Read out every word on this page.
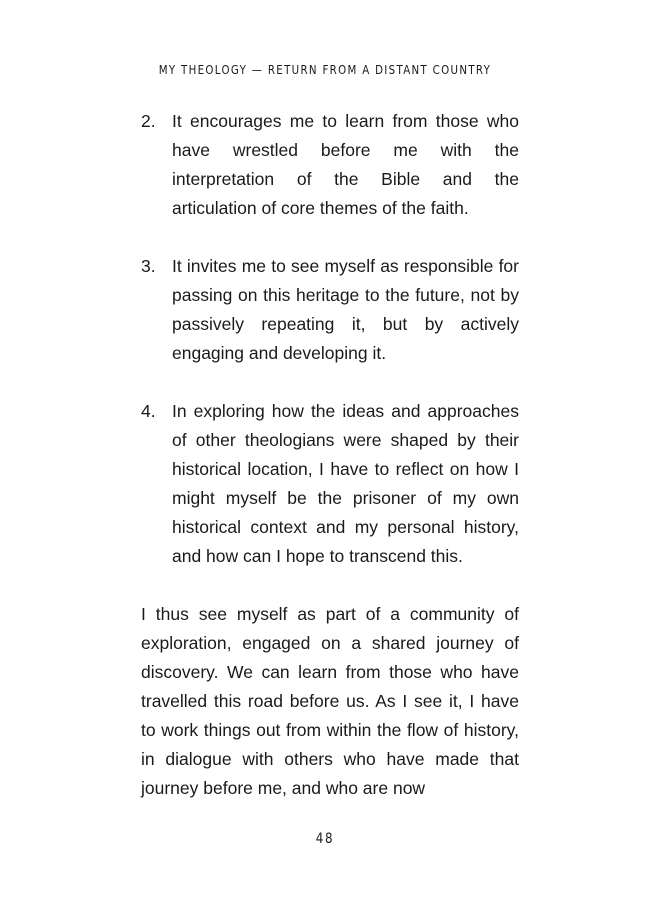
MY THEOLOGY — RETURN FROM A DISTANT COUNTRY
2. It encourages me to learn from those who have wrestled before me with the interpretation of the Bible and the articulation of core themes of the faith.
3. It invites me to see myself as responsible for passing on this heritage to the future, not by passively repeating it, but by actively engaging and developing it.
4. In exploring how the ideas and approaches of other theologians were shaped by their historical location, I have to reflect on how I might myself be the prisoner of my own historical context and my personal history, and how can I hope to transcend this.
I thus see myself as part of a community of exploration, engaged on a shared journey of discovery. We can learn from those who have travelled this road before us. As I see it, I have to work things out from within the flow of history, in dialogue with others who have made that journey before me, and who are now
48
